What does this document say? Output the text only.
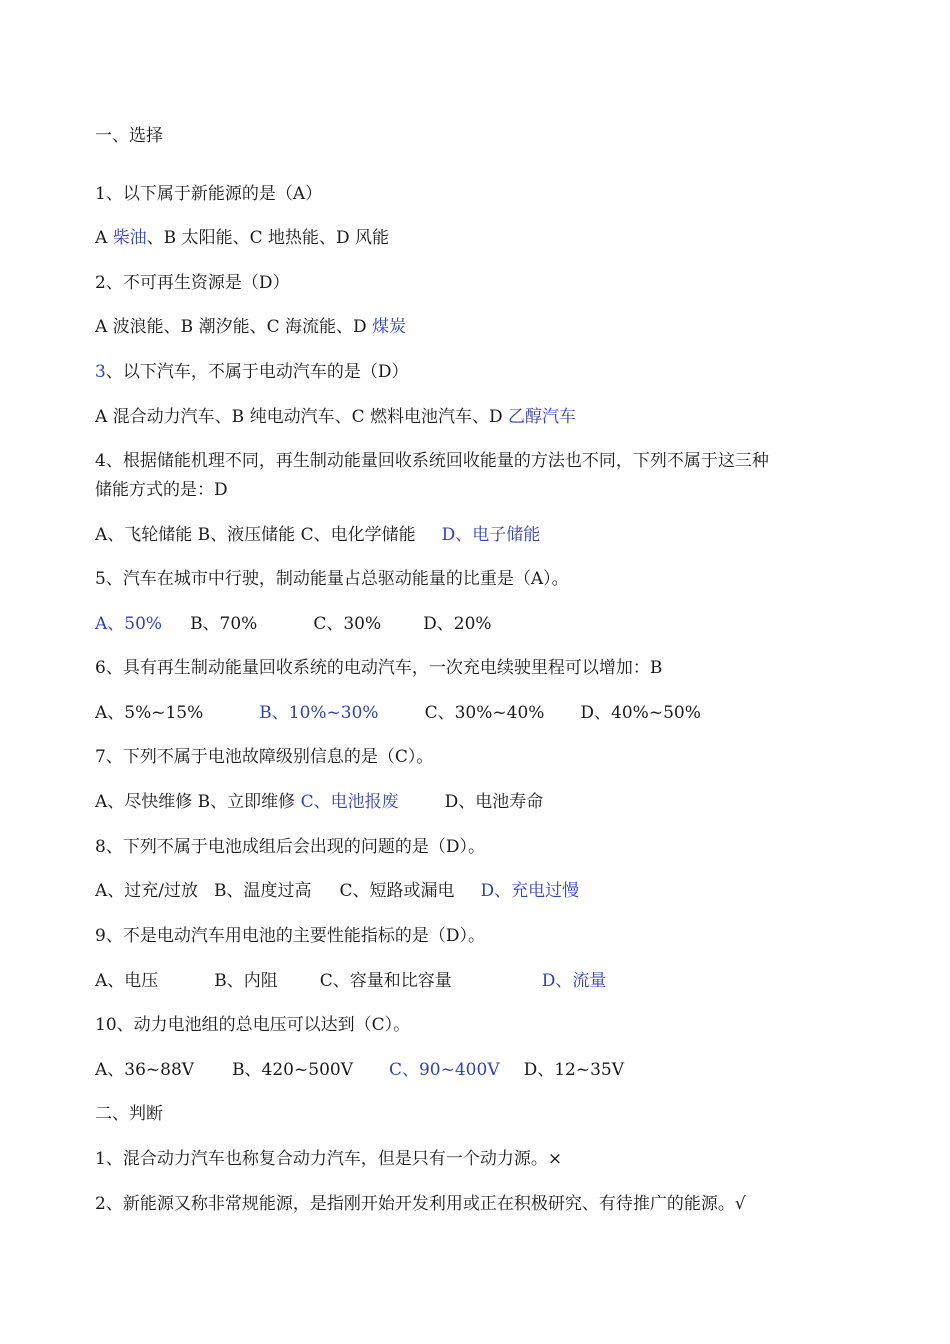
一、选择
1、以下属于新能源的是（A）
A 柴油、B 太阳能、C 地热能、D 风能
2、不可再生资源是（D）
A 波浪能、B 潮汐能、C 海流能、D 煤炭
3、以下汽车，不属于电动汽车的是（D）
A 混合动力汽车、B 纯电动汽车、C 燃料电池汽车、D 乙醇汽车
4、根据储能机理不同，再生制动能量回收系统回收能量的方法也不同，下列不属于这三种
储能方式的是：D
A、飞轮储能 B、液压储能 C、电化学储能 D、电子储能
5、汽车在城市中行驶，制动能量占总驱动能量的比重是（A）。
A、50% B、70%	C、30% D、20%
6、具有再生制动能量回收系统的电动汽车，一次充电续驶里程可以增加：B
A、5%~15%	B、10%~30%	C、30%~40% D、40%~50%
7、下列不属于电池故障级别信息的是（C）。
A、尽快维修 B、立即维修 C、电池报废	D、电池寿命
8、下列不属于电池成组后会出现的问题的是（D）。
A、过充/过放 B、温度过高 C、短路或漏电 D、充电过慢
9、不是电动汽车用电池的主要性能指标的是（D）。
A、电压	B、内阻 C、容量和比容量	D、流量
10、动力电池组的总电压可以达到（C）。
A、36~88V B、420~500V C、90~400V D、12~35V
二、判断
1、混合动力汽车也称复合动力汽车，但是只有一个动力源。×
2、新能源又称非常规能源，是指刚开始开发利用或正在积极研究、有待推广的能源。√
